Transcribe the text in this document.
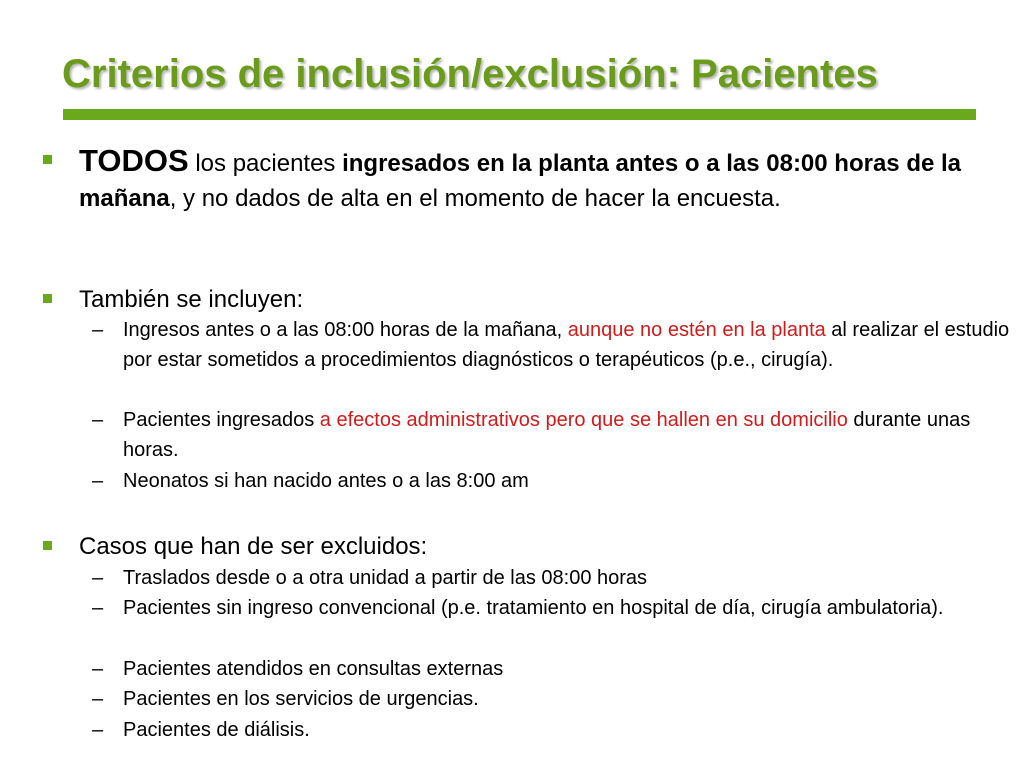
Criterios de inclusión/exclusión: Pacientes
TODOS los pacientes ingresados en la planta antes o a las 08:00 horas de la mañana, y no dados de alta en el momento de hacer la encuesta.
También se incluyen:
– Ingresos antes o a las 08:00 horas de la mañana, aunque no estén en la planta al realizar el estudio por estar sometidos a procedimientos diagnósticos o terapéuticos (p.e., cirugía).
– Pacientes ingresados a efectos administrativos pero que se hallen en su domicilio durante unas horas.
– Neonatos si han nacido antes o a las 8:00 am
Casos que han de ser excluidos:
– Traslados desde o a otra unidad a partir de las 08:00 horas
– Pacientes sin ingreso convencional (p.e. tratamiento en hospital de día, cirugía ambulatoria).
– Pacientes atendidos en consultas externas
– Pacientes en los servicios de urgencias.
– Pacientes de diálisis.
